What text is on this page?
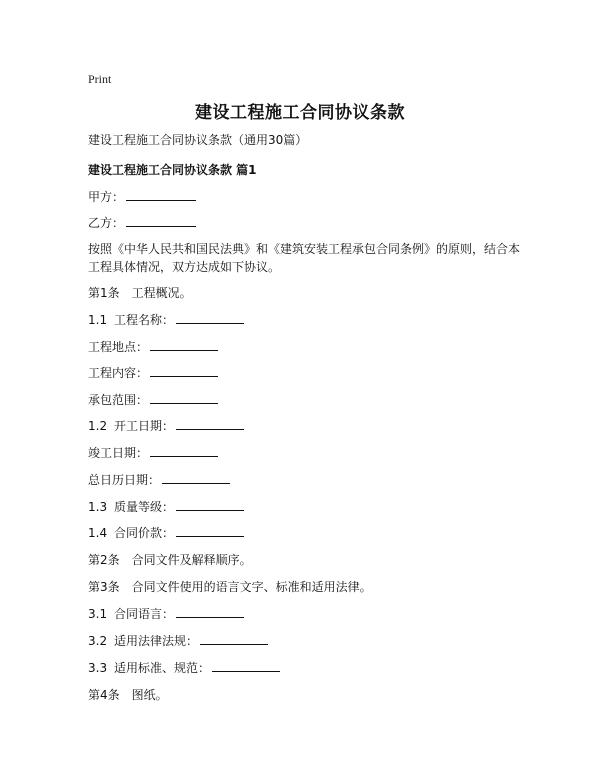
Print
建设工程施工合同协议条款
建设工程施工合同协议条款（通用30篇）
建设工程施工合同协议条款 篇1
甲方：
乙方：
按照《中华人民共和国民法典》和《建筑安装工程承包合同条例》的原则，结合本工程具体情况，双方达成如下协议。
第1条　工程概况。
1.1 工程名称：
工程地点：
工程内容：
承包范围：
1.2 开工日期：
竣工日期：
总日历日期：
1.3 质量等级：
1.4 合同价款：
第2条　合同文件及解释顺序。
第3条　合同文件使用的语言文字、标准和适用法律。
3.1 合同语言：
3.2 适用法律法规：
3.3 适用标准、规范：
第4条　图纸。
